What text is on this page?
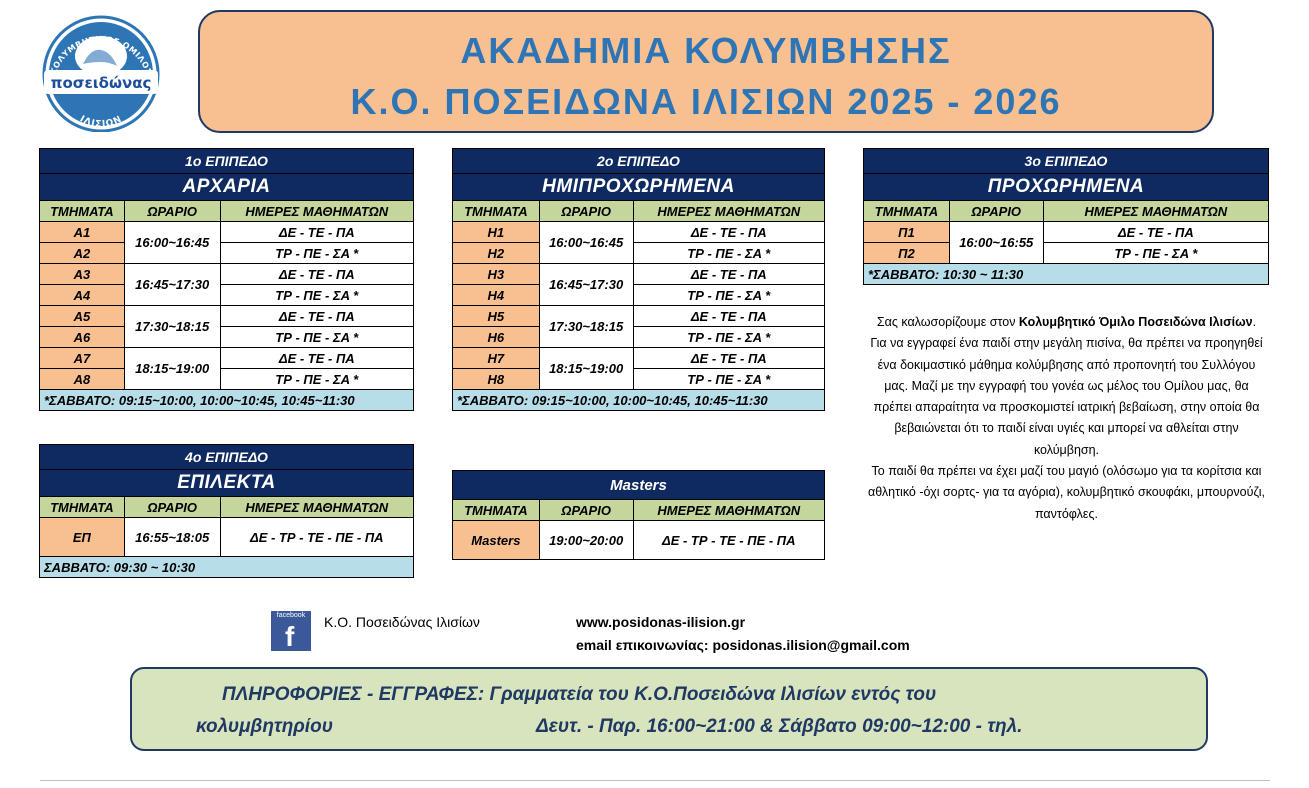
ΚΟΛΥΜΒΗΤΙΚΟΣ ΟΜΙΛΟΣ
ποσειδώνας
ΙΛΙΣΙΩΝ
ΑΚΑΔΗΜΙΑ ΚΟΛΥΜΒΗΣΗΣ
Κ.Ο. ΠΟΣΕΙΔΩΝΑ ΙΛΙΣΙΩΝ 2025 - 2026
1ο ΕΠΙΠΕΔΟ		
ΑΡΧΑΡΙΑ		
ΤΜΗΜΑΤΑ	ΩΡΑΡΙΟ	ΗΜΕΡΕΣ ΜΑΘΗΜΑΤΩΝ
Α1	16:00~16:45	ΔΕ - ΤΕ - ΠΑ
Α2		ΤΡ - ΠΕ - ΣΑ *
Α3	16:45~17:30	ΔΕ - ΤΕ - ΠΑ
Α4		ΤΡ - ΠΕ - ΣΑ *
Α5	17:30~18:15	ΔΕ - ΤΕ - ΠΑ
Α6		ΤΡ - ΠΕ - ΣΑ *
Α7	18:15~19:00	ΔΕ - ΤΕ - ΠΑ
Α8		ΤΡ - ΠΕ - ΣΑ *
*ΣΑΒΒΑΤΟ: 09:15~10:00, 10:00~10:45, 10:45~11:30		
2ο ΕΠΙΠΕΔΟ		
ΗΜΙΠΡΟΧΩΡΗΜΕΝΑ		
ΤΜΗΜΑΤΑ	ΩΡΑΡΙΟ	ΗΜΕΡΕΣ ΜΑΘΗΜΑΤΩΝ
Η1	16:00~16:45	ΔΕ - ΤΕ - ΠΑ
Η2		ΤΡ - ΠΕ - ΣΑ *
Η3	16:45~17:30	ΔΕ - ΤΕ - ΠΑ
Η4		ΤΡ - ΠΕ - ΣΑ *
Η5	17:30~18:15	ΔΕ - ΤΕ - ΠΑ
Η6		ΤΡ - ΠΕ - ΣΑ *
Η7	18:15~19:00	ΔΕ - ΤΕ - ΠΑ
Η8		ΤΡ - ΠΕ - ΣΑ *
*ΣΑΒΒΑΤΟ: 09:15~10:00, 10:00~10:45, 10:45~11:30		
3ο ΕΠΙΠΕΔΟ		
ΠΡΟΧΩΡΗΜΕΝΑ		
ΤΜΗΜΑΤΑ	ΩΡΑΡΙΟ	ΗΜΕΡΕΣ ΜΑΘΗΜΑΤΩΝ
Π1	16:00~16:55	ΔΕ - ΤΕ - ΠΑ
Π2		ΤΡ - ΠΕ - ΣΑ *
*ΣΑΒΒΑΤΟ: 10:30 ~ 11:30		
4ο ΕΠΙΠΕΔΟ		
ΕΠΙΛΕΚΤΑ		
ΤΜΗΜΑΤΑ	ΩΡΑΡΙΟ	ΗΜΕΡΕΣ ΜΑΘΗΜΑΤΩΝ
ΕΠ	16:55~18:05	ΔΕ - ΤΡ - ΤΕ - ΠΕ - ΠΑ
ΣΑΒΒΑΤΟ: 09:30 ~ 10:30		
Masters		
ΤΜΗΜΑΤΑ	ΩΡΑΡΙΟ	ΗΜΕΡΕΣ ΜΑΘΗΜΑΤΩΝ
Masters	19:00~20:00	ΔΕ - ΤΡ - ΤΕ - ΠΕ - ΠΑ
Σας καλωσορίζουμε στον Κολυμβητικό Όμιλο Ποσειδώνα Ιλισίων.
Για να εγγραφεί ένα παιδί στην μεγάλη πισίνα, θα πρέπει να προηγηθεί ένα δοκιμαστικό μάθημα κολύμβησης από προπονητή του Συλλόγου μας. Μαζί με την εγγραφή του γονέα ως μέλος του Ομίλου μας, θα πρέπει απαραίτητα να προσκομιστεί ιατρική βεβαίωση, στην οποία θα βεβαιώνεται ότι το παιδί είναι υγιές και μπορεί να αθλείται στην κολύμβηση.
Το παιδί θα πρέπει να έχει μαζί του μαγιό (ολόσωμο για τα κορίτσια και αθλητικό -όχι σορτς- για τα αγόρια), κολυμβητικό σκουφάκι, μπουρνούζι, παντόφλες.
facebook
f Κ.Ο. Ποσειδώνας Ιλισίων	www.posidonas-ilision.gr
email επικοινωνίας: posidonas.ilision@gmail.com
ΠΛΗΡΟΦΟΡΙΕΣ - ΕΓΓΡΑΦΕΣ: Γραμματεία του Κ.Ο.Ποσειδώνα Ιλισίων εντός του
κολυμβητηρίου	Δευτ. - Παρ. 16:00~21:00 & Σάββατο 09:00~12:00 - τηλ.
